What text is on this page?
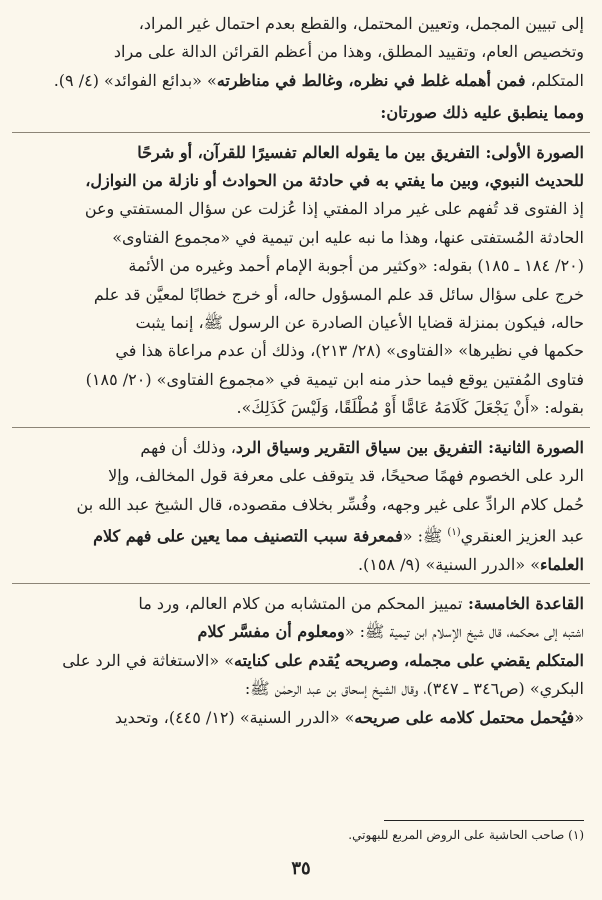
إلى تبيين المجمل، وتعيين المحتمل، والقطع بعدم احتمال غير المراد،
وتخصيص العام، وتقييد المطلق، وهذا من أعظم القرائن الدالة على مراد
المتكلم، فمن أهمله غلط في نظره، وغالط في مناظرته» «بدائع الفوائد» (٤/ ٩).

ومما ينطبق عليه ذلك صورتان:

الصورة الأولى: التفريق بين ما يقوله العالم تفسيرًا للقرآن، أو شرحًا
للحديث النبوي، وبين ما يفتي به في حادثة من الحوادث أو نازلة من النوازل،
إذ الفتوى قد تُفهم على غير مراد المفتي إذا عُزلت عن سؤال المستفتي وعن
الحادثة المُستفتى عنها، وهذا ما نبه عليه ابن تيمية في «مجموع الفتاوى»
(٢٠/ ١٨٤ ـ ١٨٥) بقوله: «وكثير من أجوبة الإمام أحمد وغيره من الأئمة
خرج على سؤال سائل قد علم المسؤول حاله، أو خرج خطابًا لمعيَّن قد علم
حاله، فيكون بمنزلة قضايا الأعيان الصادرة عن الرسول ﷺ، إنما يثبت
حكمها في نظيرها» «الفتاوى» (٢٨/ ٢١٣)، وذلك أن عدم مراعاة هذا في
فتاوى المُفتين يوقع فيما حذر منه ابن تيمية في «مجموع الفتاوى» (٢٠/ ١٨٥)
بقوله: «أَنْ يَجْعَلَ كَلَامَهُ عَامًّا أَوْ مُطْلَقًا، وَلَيْسَ كَذَلِكَ».

الصورة الثانية: التفريق بين سياق التقرير وسياق الرد، وذلك أن فهم
الرد على الخصوم فهمًا صحيحًا، قد يتوقف على معرفة قول المخالف، وإلا
حُمل كلام الرادِّ على غير وجهه، وفُسِّر بخلاف مقصوده، قال الشيخ عبد الله بن
عبد العزيز العنقري$^{(١)}$ ﷺ: «فمعرفة سبب التصنيف مما يعين على فهم كلام
العلماء» «الدرر السنية» (٩/ ١٥٨).

القاعدة الخامسة: تمييز المحكم من المتشابه من كلام العالم، ورد ما
اشتبه إلى محكمه، قال شيخ الإسلام ابن تيمية ﷺ: «ومعلوم أن مفسَّر كلام
المتكلم يقضي على مجمله، وصريحه يُقدم على كنايته» «الاستغاثة في الرد على
البكري» (ص٣٤٦ ـ ٣٤٧)، وقال الشيخ إسحاق بن عبد الرحمٰن ﷺ:
«فيُحمل محتمل كلامه على صريحه» «الدرر السنية» (١٢/ ٤٤٥)، وتحديد

(١) صاحب الحاشية على الروض المربع للبهوتي.
٣٥
